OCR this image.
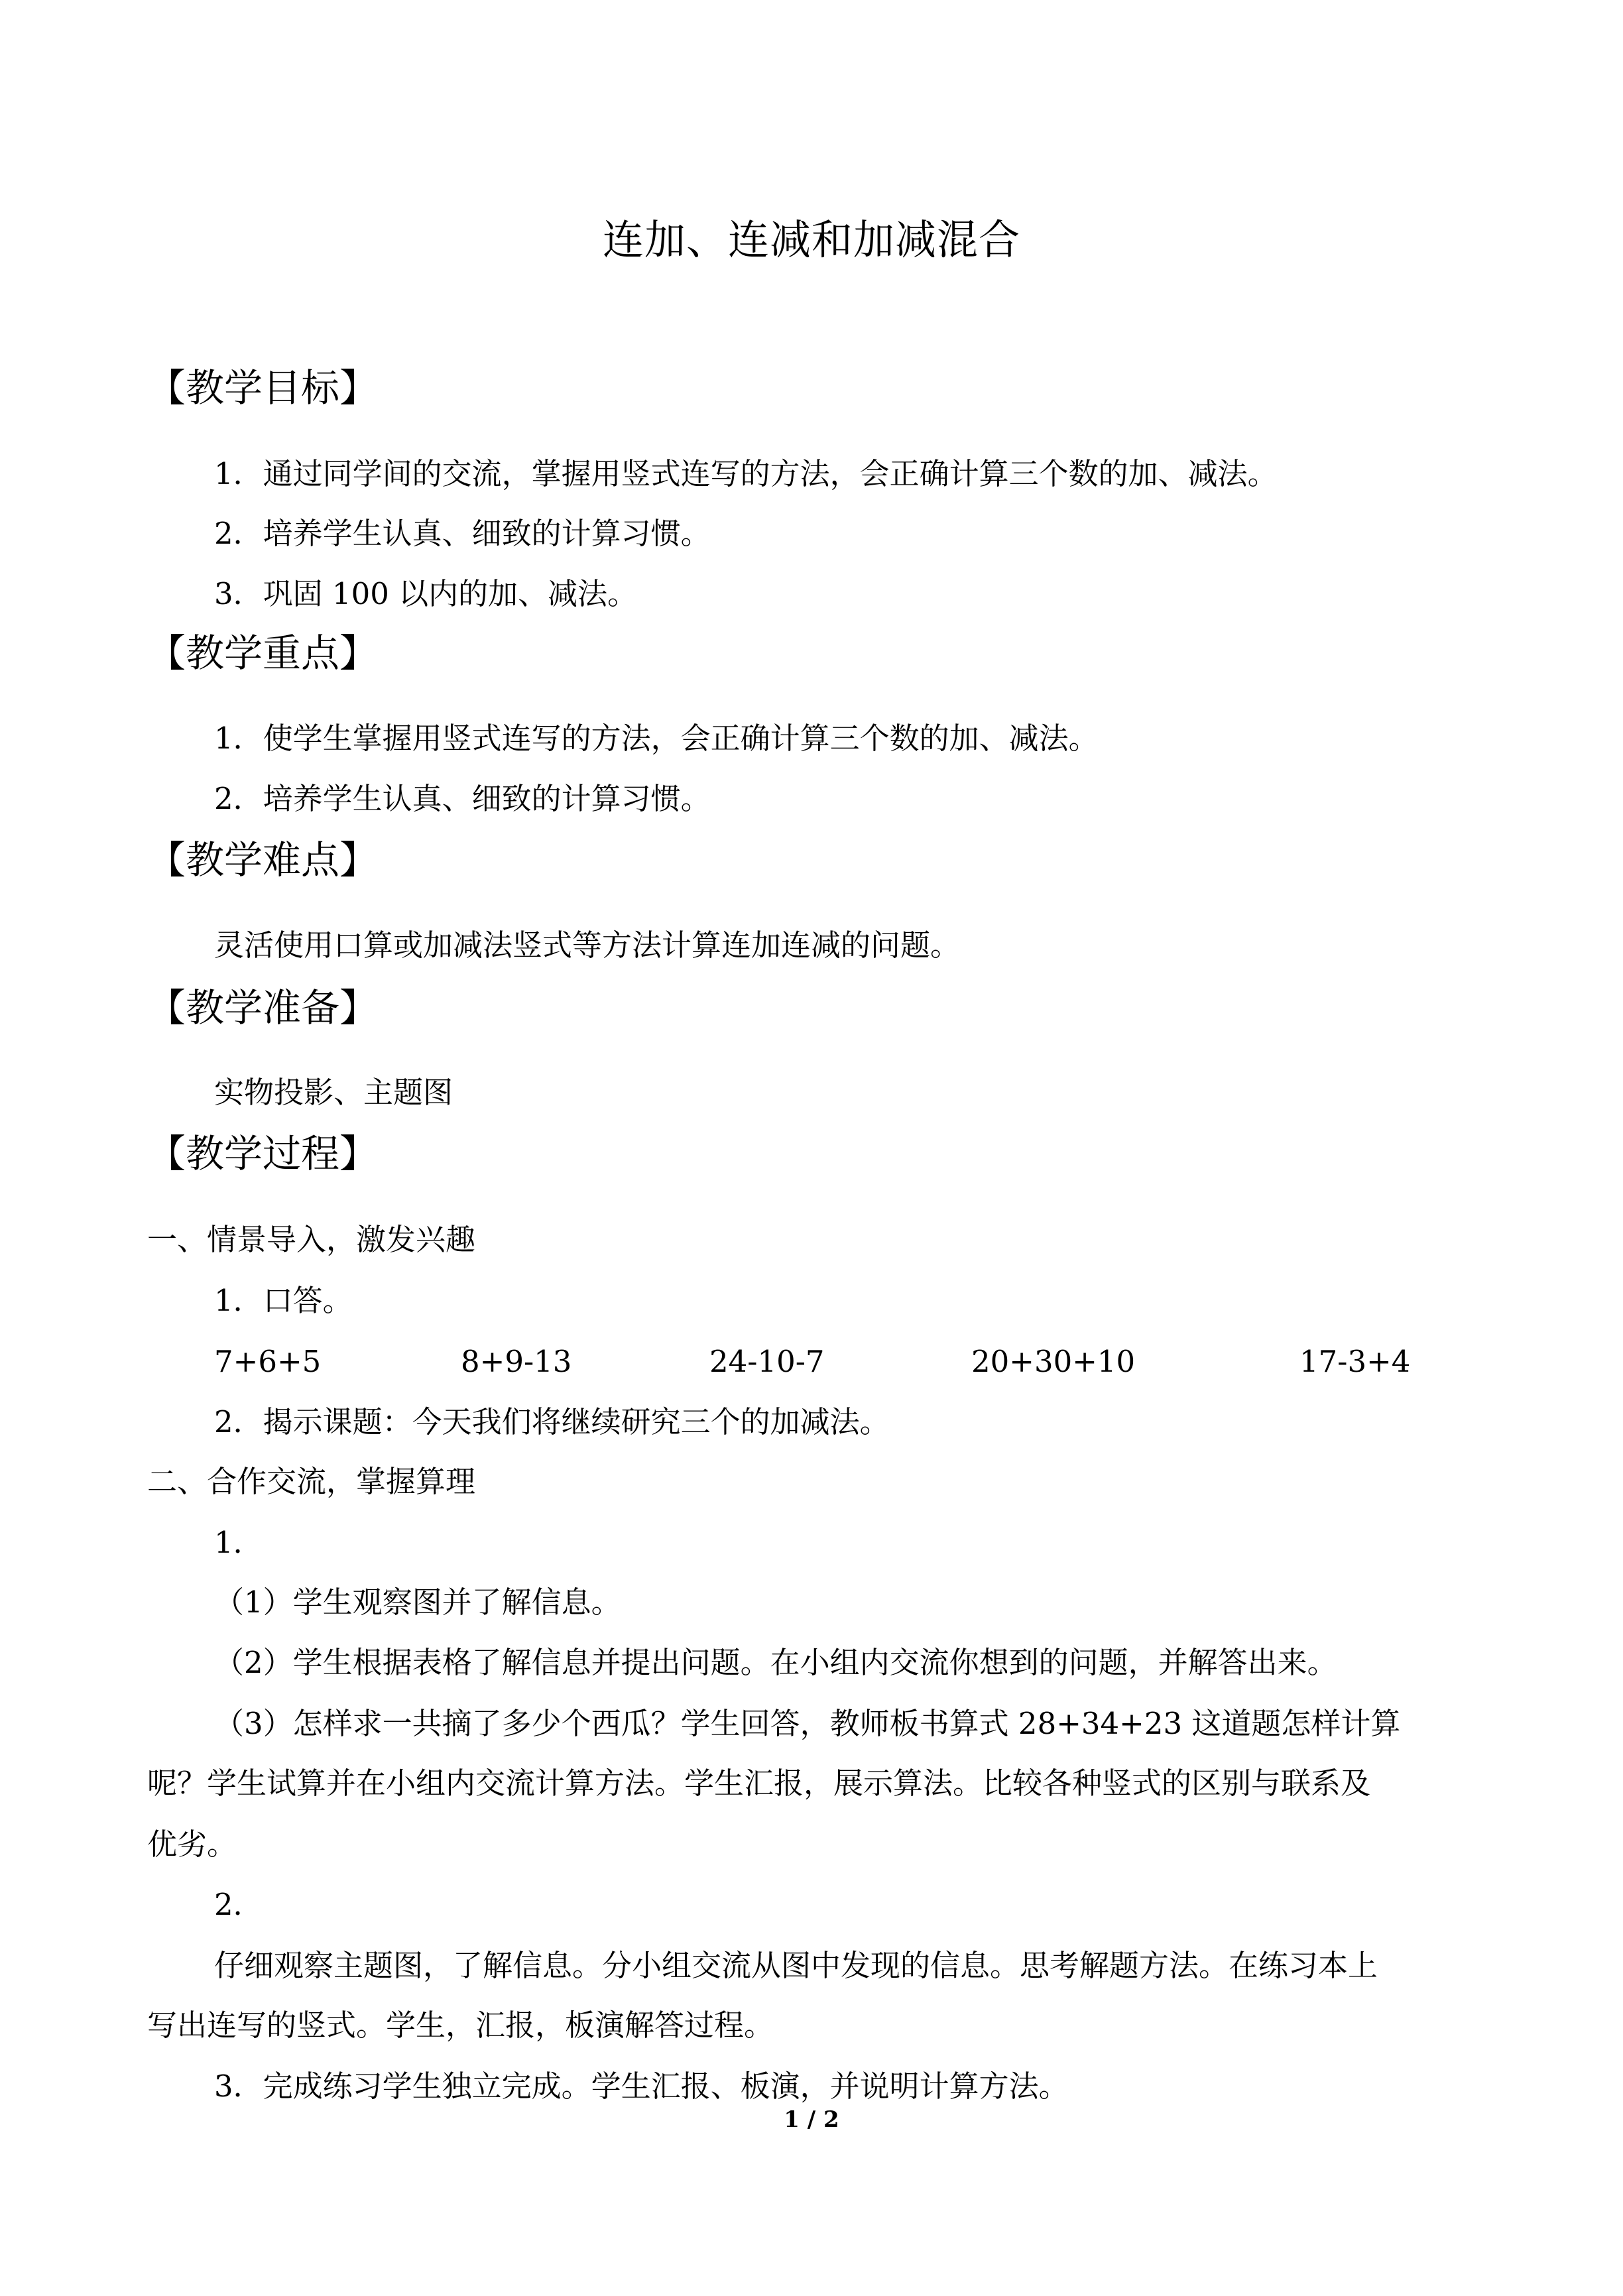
连加、连减和加减混合
【教学目标】
1．通过同学间的交流，掌握用竖式连写的方法，会正确计算三个数的加、减法。
2．培养学生认真、细致的计算习惯。
3．巩固 100 以内的加、减法。
【教学重点】
1．使学生掌握用竖式连写的方法，会正确计算三个数的加、减法。
2．培养学生认真、细致的计算习惯。
【教学难点】
灵活使用口算或加减法竖式等方法计算连加连减的问题。
【教学准备】
实物投影、主题图
【教学过程】
一、情景导入，激发兴趣
1．口答。
7+6+5	8+9-13	24-10-7	20+30+10	17-3+4
2．揭示课题：今天我们将继续研究三个的加减法。
二、合作交流，掌握算理
1．
（1）学生观察图并了解信息。
（2）学生根据表格了解信息并提出问题。在小组内交流你想到的问题，并解答出来。
（3）怎样求一共摘了多少个西瓜？学生回答，教师板书算式 28+34+23 这道题怎样计算
呢？学生试算并在小组内交流计算方法。学生汇报，展示算法。比较各种竖式的区别与联系及
优劣。
2．
仔细观察主题图，了解信息。分小组交流从图中发现的信息。思考解题方法。在练习本上
写出连写的竖式。学生，汇报，板演解答过程。
3．完成练习学生独立完成。学生汇报、板演，并说明计算方法。
1 / 2
